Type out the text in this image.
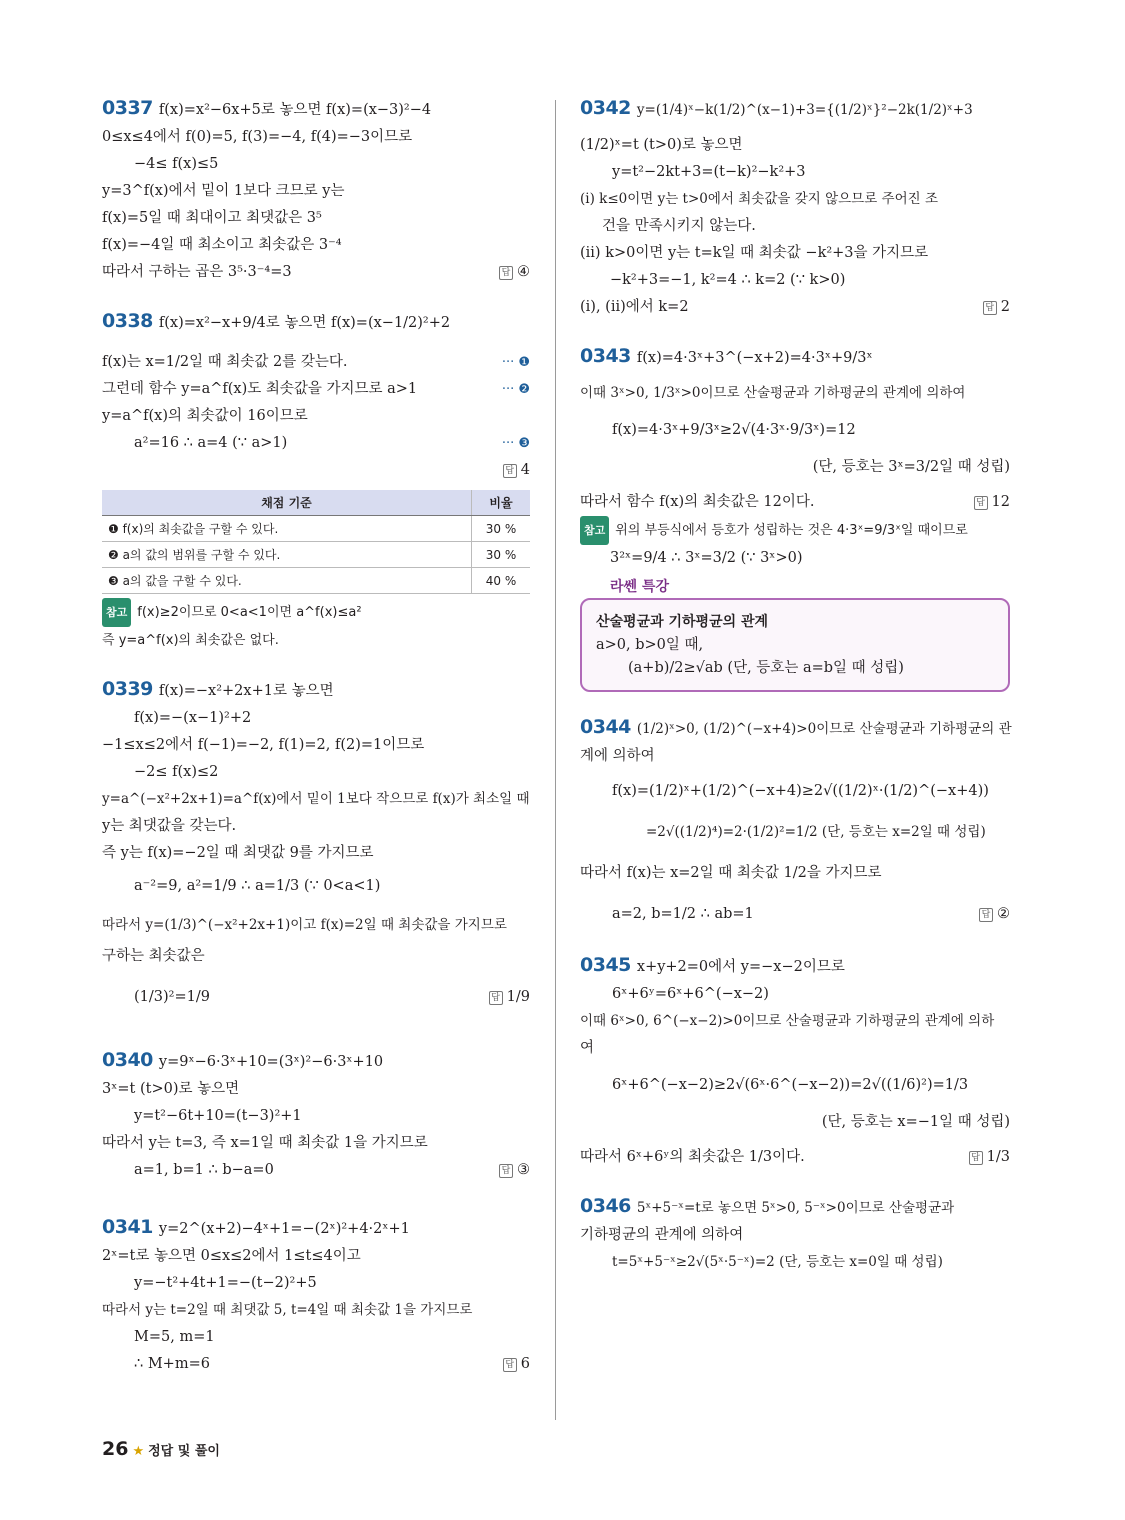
0337 f(x)=x²−6x+5로 놓으면 f(x)=(x−3)²−4
0≤x≤4에서 f(0)=5, f(3)=−4, f(4)=−3이므로
−4≤ f(x)≤5
y=3^f(x)에서 밑이 1보다 크므로 y는
f(x)=5일 때 최대이고 최댓값은 3⁵
f(x)=−4일 때 최소이고 최솟값은 3⁻⁴
따라서 구하는 곱은 3⁵·3⁻⁴=3	답 ④
0338 f(x)=x²−x+9/4로 놓으면 f(x)=(x−1/2)²+2
f(x)는 x=1/2일 때 최솟값 2를 갖는다.	··· ❶
그런데 함수 y=a^f(x)도 최솟값을 가지므로 a>1	··· ❷
y=a^f(x)의 최솟값이 16이므로
a²=16 ∴ a=4 (∵ a>1)	··· ❸
답 4
채점 기준	비율
❶ f(x)의 최솟값을 구할 수 있다.	30 %
❷ a의 값의 범위를 구할 수 있다.	30 %
❸ a의 값을 구할 수 있다.	40 %
참고 f(x)≥2이므로 0<a<1이면 a^f(x)≤a²
즉 y=a^f(x)의 최솟값은 없다.
0339 f(x)=−x²+2x+1로 놓으면
f(x)=−(x−1)²+2
−1≤x≤2에서 f(−1)=−2, f(1)=2, f(2)=1이므로
−2≤ f(x)≤2
y=a^(−x²+2x+1)=a^f(x)에서 밑이 1보다 작으므로 f(x)가 최소일 때
y는 최댓값을 갖는다.
즉 y는 f(x)=−2일 때 최댓값 9를 가지므로
a⁻²=9, a²=1/9 ∴ a=1/3 (∵ 0<a<1)
따라서 y=(1/3)^(−x²+2x+1)이고 f(x)=2일 때 최솟값을 가지므로
구하는 최솟값은
(1/3)²=1/9	답 1/9
0340 y=9ˣ−6·3ˣ+10=(3ˣ)²−6·3ˣ+10
3ˣ=t (t>0)로 놓으면
y=t²−6t+10=(t−3)²+1
따라서 y는 t=3, 즉 x=1일 때 최솟값 1을 가지므로
a=1, b=1 ∴ b−a=0	답 ③
0341 y=2^(x+2)−4ˣ+1=−(2ˣ)²+4·2ˣ+1
2ˣ=t로 놓으면 0≤x≤2에서 1≤t≤4이고
y=−t²+4t+1=−(t−2)²+5
따라서 y는 t=2일 때 최댓값 5, t=4일 때 최솟값 1을 가지므로
M=5, m=1
∴ M+m=6	답 6
0342 y=(1/4)ˣ−k(1/2)^(x−1)+3={(1/2)ˣ}²−2k(1/2)ˣ+3
(1/2)ˣ=t (t>0)로 놓으면
y=t²−2kt+3=(t−k)²−k²+3
(i) k≤0이면 y는 t>0에서 최솟값을 갖지 않으므로 주어진 조
건을 만족시키지 않는다.
(ii) k>0이면 y는 t=k일 때 최솟값 −k²+3을 가지므로
−k²+3=−1, k²=4 ∴ k=2 (∵ k>0)
(i), (ii)에서 k=2	답 2
0343 f(x)=4·3ˣ+3^(−x+2)=4·3ˣ+9/3ˣ
이때 3ˣ>0, 1/3ˣ>0이므로 산술평균과 기하평균의 관계에 의하여
f(x)=4·3ˣ+9/3ˣ≥2√(4·3ˣ·9/3ˣ)=12
(단, 등호는 3ˣ=3/2일 때 성립)
따라서 함수 f(x)의 최솟값은 12이다.	답 12
참고 위의 부등식에서 등호가 성립하는 것은 4·3ˣ=9/3ˣ일 때이므로
3²ˣ=9/4 ∴ 3ˣ=3/2 (∵ 3ˣ>0)
라쎈 특강
산술평균과 기하평균의 관계
a>0, b>0일 때,
(a+b)/2≥√ab (단, 등호는 a=b일 때 성립)
0344 (1/2)ˣ>0, (1/2)^(−x+4)>0이므로 산술평균과 기하평균의 관
계에 의하여
f(x)=(1/2)ˣ+(1/2)^(−x+4)≥2√((1/2)ˣ·(1/2)^(−x+4))
=2√((1/2)⁴)=2·(1/2)²=1/2 (단, 등호는 x=2일 때 성립)
따라서 f(x)는 x=2일 때 최솟값 1/2을 가지므로
a=2, b=1/2 ∴ ab=1	답 ②
0345 x+y+2=0에서 y=−x−2이므로
6ˣ+6ʸ=6ˣ+6^(−x−2)
이때 6ˣ>0, 6^(−x−2)>0이므로 산술평균과 기하평균의 관계에 의하
여
6ˣ+6^(−x−2)≥2√(6ˣ·6^(−x−2))=2√((1/6)²)=1/3
(단, 등호는 x=−1일 때 성립)
따라서 6ˣ+6ʸ의 최솟값은 1/3이다.	답 1/3
0346 5ˣ+5⁻ˣ=t로 놓으면 5ˣ>0, 5⁻ˣ>0이므로 산술평균과
기하평균의 관계에 의하여
t=5ˣ+5⁻ˣ≥2√(5ˣ·5⁻ˣ)=2 (단, 등호는 x=0일 때 성립)
26 ★ 정답 및 풀이
